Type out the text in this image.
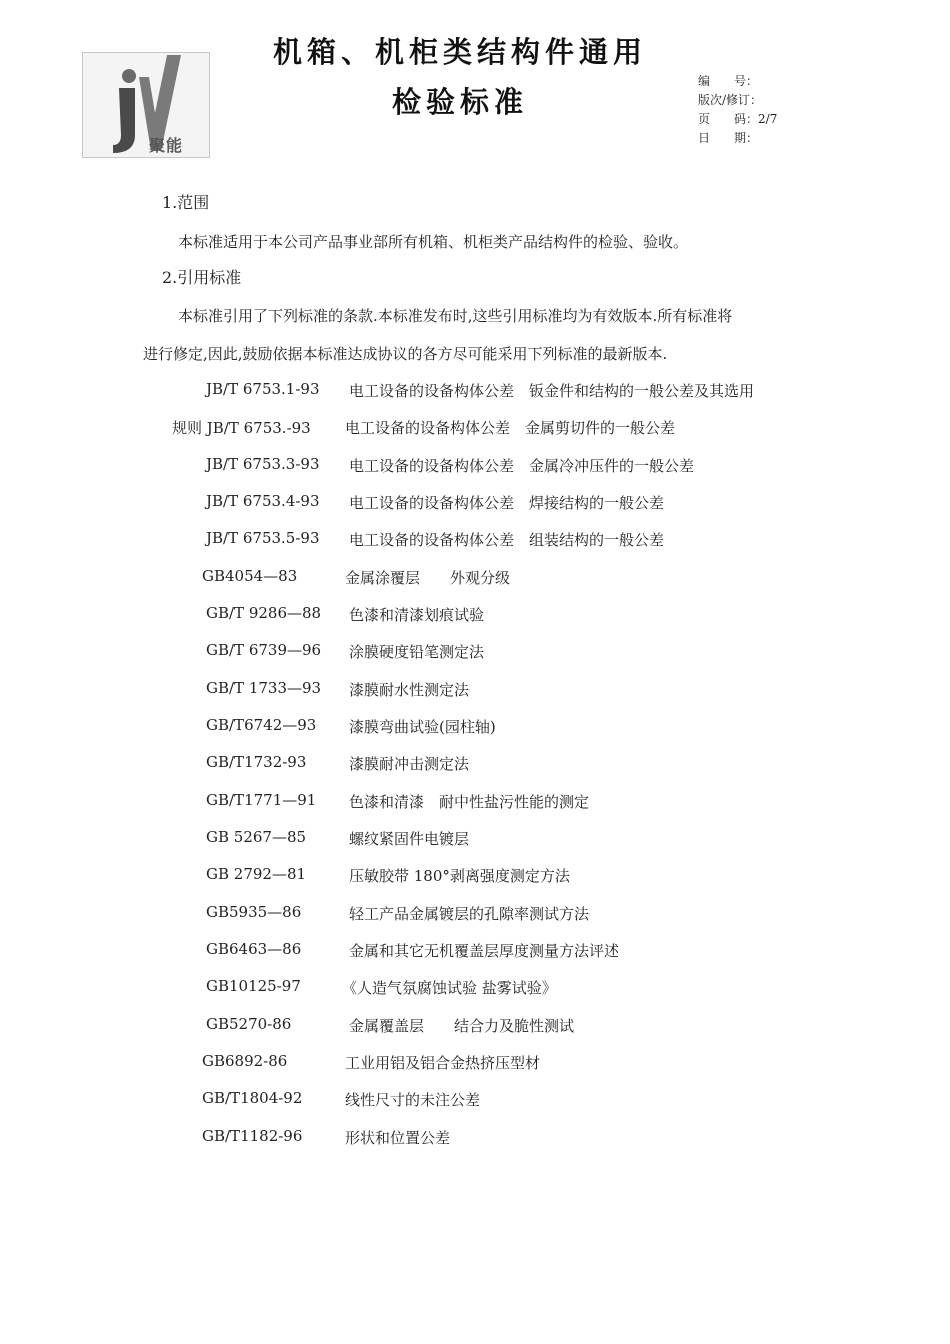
聚能
机箱、机柜类结构件通用
检验标准
编　　号：
版次/修订：
页　　码：2/7
日　　期：
1.范围
本标准适用于本公司产品事业部所有机箱、机柜类产品结构件的检验、验收。
2.引用标准
本标准引用了下列标准的条款.本标准发布时,这些引用标准均为有效版本.所有标准将
进行修定,因此,鼓励依据本标准达成协议的各方尽可能采用下列标准的最新版本.
JB/T 6753.1-93 电工设备的设备构体公差　钣金件和结构的一般公差及其选用
规则 JB/T 6753.-93 电工设备的设备构体公差　金属剪切件的一般公差
JB/T 6753.3-93 电工设备的设备构体公差　金属冷冲压件的一般公差
JB/T 6753.4-93 电工设备的设备构体公差　焊接结构的一般公差
JB/T 6753.5-93 电工设备的设备构体公差　组装结构的一般公差
GB4054—83	金属涂覆层　　外观分级
GB/T 9286—88 色漆和清漆划痕试验
GB/T 6739—96 涂膜硬度铅笔测定法
GB/T 1733—93 漆膜耐水性测定法
GB/T6742—93 漆膜弯曲试验(园柱轴)
GB/T1732-93	漆膜耐冲击测定法
GB/T1771—91 色漆和清漆　耐中性盐污性能的测定
GB 5267—85	螺纹紧固件电镀层
GB 2792—81	压敏胶带 180°剥离强度测定方法
GB5935—86	轻工产品金属镀层的孔隙率测试方法
GB6463—86	金属和其它无机覆盖层厚度测量方法评述
GB10125-97	《人造气氛腐蚀试验 盐雾试验》
GB5270-86	金属覆盖层　　结合力及脆性测试
GB6892-86	工业用铝及铝合金热挤压型材
GB/T1804-92	线性尺寸的未注公差
GB/T1182-96	形状和位置公差
